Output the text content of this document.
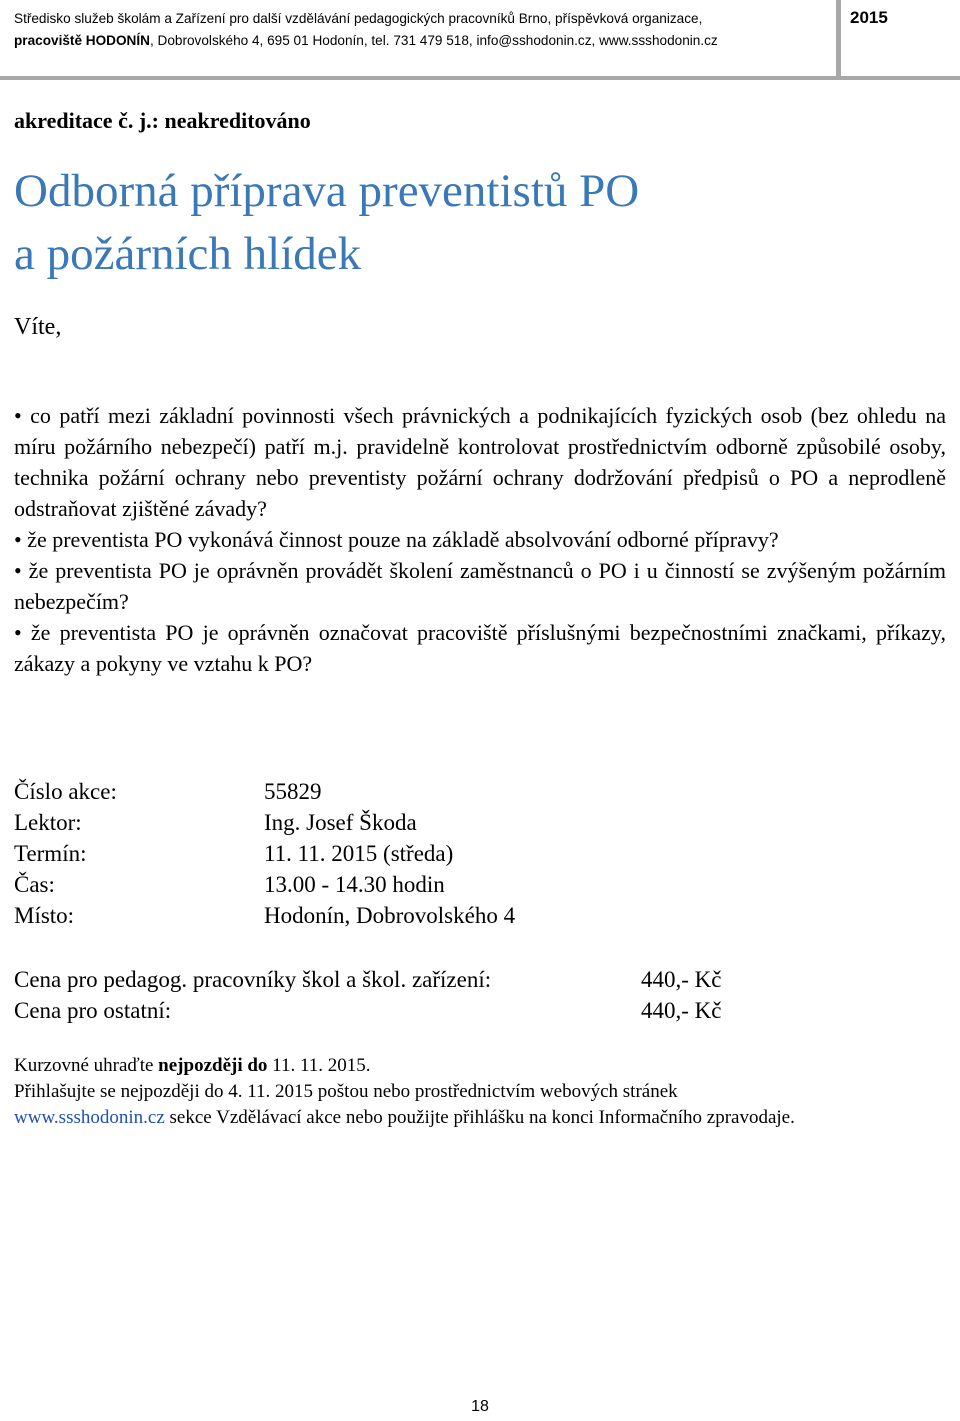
Středisko služeb školám a Zařízení pro další vzdělávání pedagogických pracovníků Brno, příspěvková organizace,
pracoviště HODONÍN, Dobrovolského 4, 695 01 Hodonín, tel. 731 479 518, info@sshodonin.cz, www.ssshodonin.cz
2015
akreditace č. j.: neakreditováno
Odborná příprava preventistů PO
a požárních hlídek
Víte,

• co patří mezi základní povinnosti všech právnických a podnikajících fyzických osob (bez ohledu na míru požárního nebezpečí) patří m.j. pravidelně kontrolovat prostřednictvím odborně způsobilé osoby, technika požární ochrany nebo preventisty požární ochrany dodržování předpisů o PO a neprodleně odstraňovat zjištěné závady?

• že preventista PO vykonává činnost pouze na základě absolvování odborné přípravy?

• že preventista PO je oprávněn provádět školení zaměstnanců o PO i u činností se zvýšeným požárním nebezpečím?

• že preventista PO je oprávněn označovat pracoviště příslušnými bezpečnostními značkami, příkazy, zákazy a pokyny ve vztahu k PO?

Číslo akce:	55829
Lektor:	Ing. Josef Škoda
Termín:	11. 11. 2015 (středa)
Čas:	13.00 - 14.30 hodin
Místo:	Hodonín, Dobrovolského 4
Cena pro pedagog. pracovníky škol a škol. zařízení:	440,- Kč
Cena pro ostatní:	440,- Kč
Kurzovné uhraďte nejpozději do 11. 11. 2015.
Přihlašujte se nejpozději do 4. 11. 2015 poštou nebo prostřednictvím webových stránek
www.ssshodonin.cz sekce Vzdělávací akce nebo použijte přihlášku na konci Informačního zpravodaje.
18
